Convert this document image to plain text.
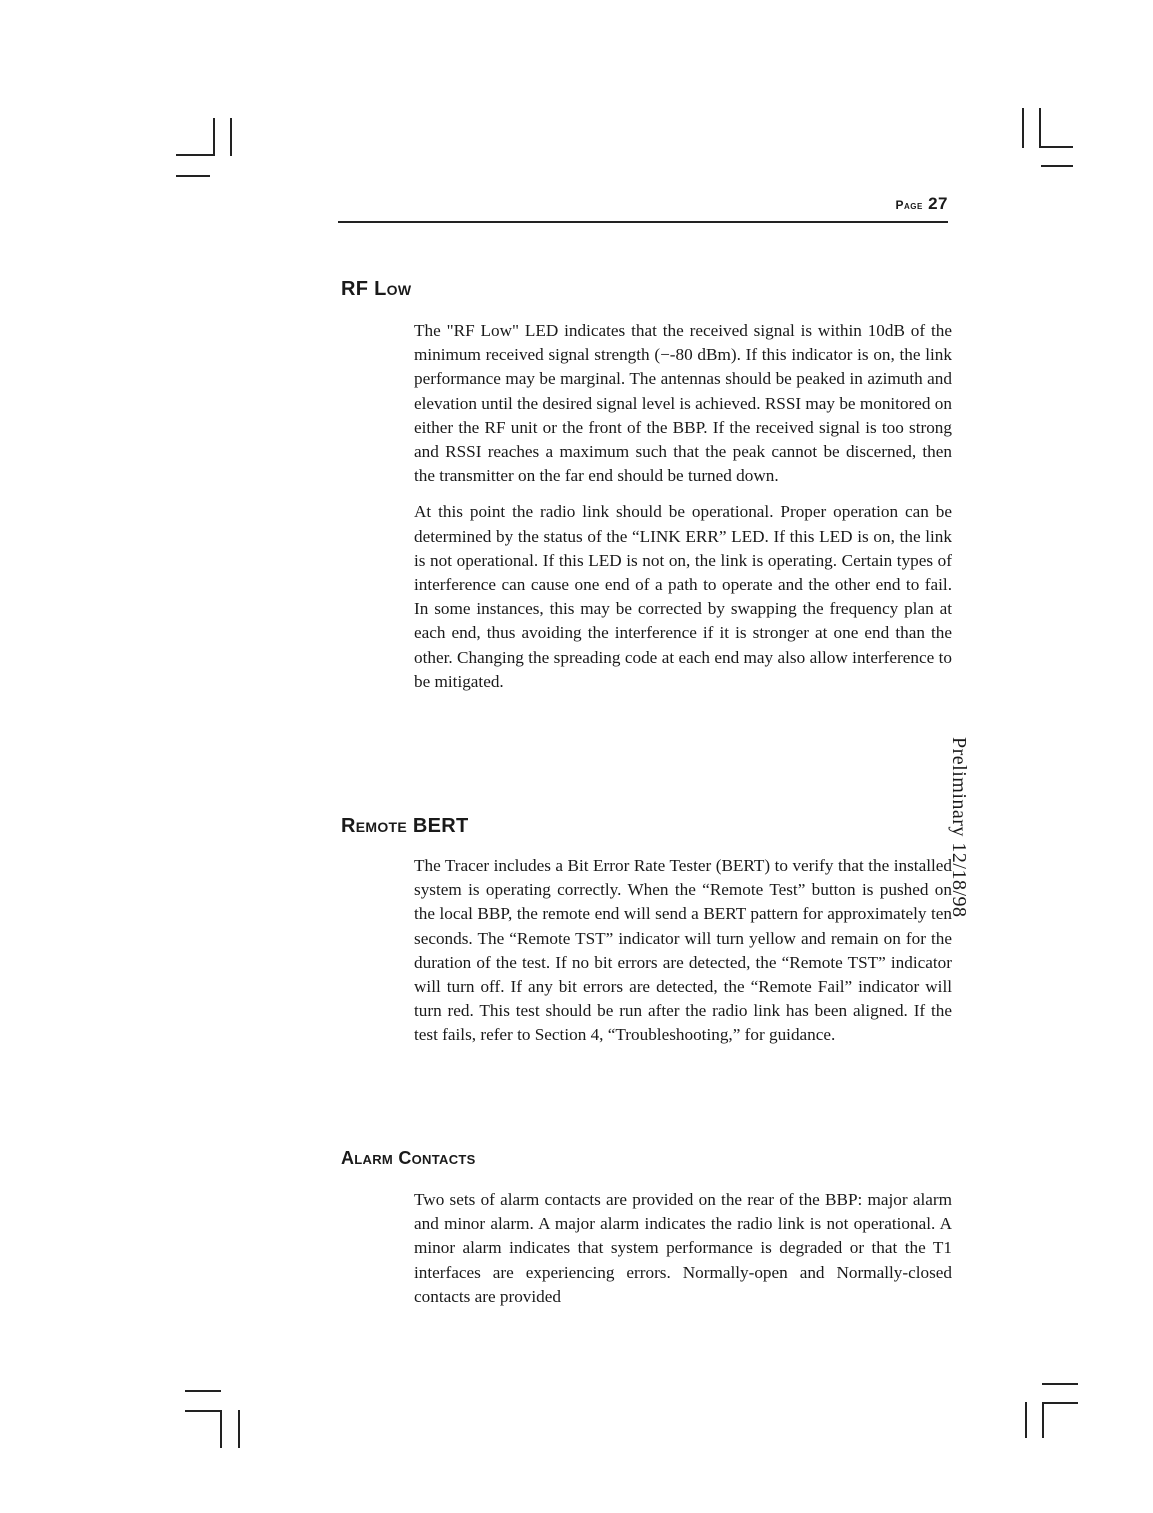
Page 27
RF Low

The "RF Low" LED indicates that the received signal is within 10dB of the minimum received signal strength (−-80 dBm). If this indicator is on, the link performance may be marginal. The antennas should be peaked in azimuth and elevation until the desired signal level is achieved. RSSI may be monitored on either the RF unit or the front of the BBP. If the received signal is too strong and RSSI reaches a maximum such that the peak cannot be discerned, then the transmitter on the far end should be turned down.

At this point the radio link should be operational. Proper operation can be determined by the status of the “LINK ERR” LED. If this LED is on, the link is not operational. If this LED is not on, the link is operating. Certain types of interference can cause one end of a path to operate and the other end to fail. In some instances, this may be corrected by swapping the frequency plan at each end, thus avoiding the interference if it is stronger at one end than the other. Changing the spreading code at each end may also allow interference to be mitigated.

Remote BERT

The Tracer includes a Bit Error Rate Tester (BERT) to verify that the installed system is operating correctly. When the “Remote Test” button is pushed on the local BBP, the remote end will send a BERT pattern for approximately ten seconds. The “Remote TST” indicator will turn yellow and remain on for the duration of the test. If no bit errors are detected, the “Remote TST” indicator will turn off. If any bit errors are detected, the “Remote Fail” indicator will turn red. This test should be run after the radio link has been aligned. If the test fails, refer to Section 4, “Troubleshooting,” for guidance.

Alarm Contacts

Two sets of alarm contacts are provided on the rear of the BBP: major alarm and minor alarm. A major alarm indicates the radio link is not operational. A minor alarm indicates that system performance is degraded or that the T1 interfaces are experiencing errors. Normally-open and Normally-closed contacts are provided

Preliminary 12/18/98
